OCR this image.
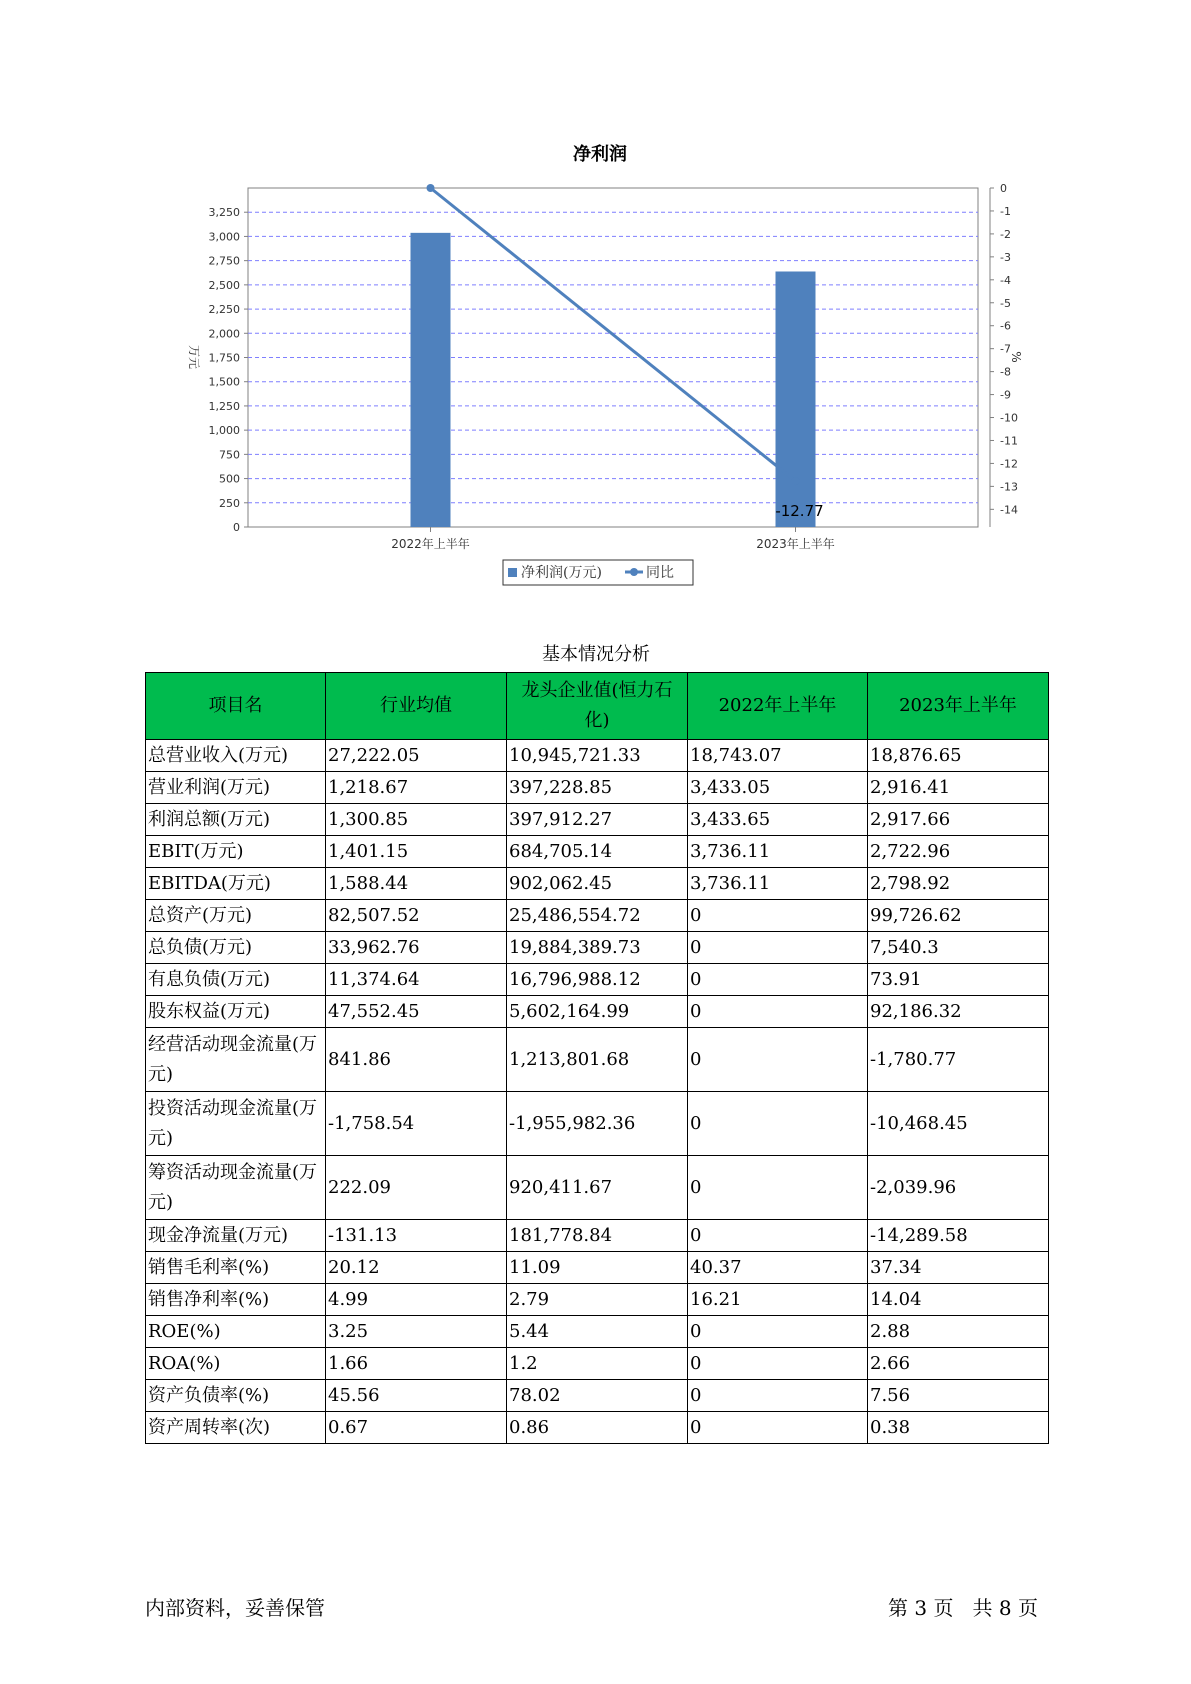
净利润
0
250
500
750
1,000
1,250
1,500
1,750
2,000
2,250
2,500
2,750
3,000
3,250
0
-1
-2
-3
-4
-5
-6
-7
-8
-9
-10
-11
-12
-13
-14
万元	%
2022年上半年	2023年上半年
-12.77
净利润(万元)	同比
基本情况分析
项目名	行业均值	龙头企业值(恒力石化)	2022年上半年	2023年上半年
总营业收入(万元)	27,222.05	10,945,721.33	18,743.07	18,876.65
营业利润(万元)	1,218.67	397,228.85	3,433.05	2,916.41
利润总额(万元)	1,300.85	397,912.27	3,433.65	2,917.66
EBIT(万元)	1,401.15	684,705.14	3,736.11	2,722.96
EBITDA(万元)	1,588.44	902,062.45	3,736.11	2,798.92
总资产(万元)	82,507.52	25,486,554.72	0	99,726.62
总负债(万元)	33,962.76	19,884,389.73	0	7,540.3
有息负债(万元)	11,374.64	16,796,988.12	0	73.91
股东权益(万元)	47,552.45	5,602,164.99	0	92,186.32
经营活动现金流量(万元)	841.86	1,213,801.68	0	-1,780.77
投资活动现金流量(万元)	-1,758.54	-1,955,982.36	0	-10,468.45
筹资活动现金流量(万元)	222.09	920,411.67	0	-2,039.96
现金净流量(万元)	-131.13	181,778.84	0	-14,289.58
销售毛利率(%)	20.12	11.09	40.37	37.34
销售净利率(%)	4.99	2.79	16.21	14.04
ROE(%)	3.25	5.44	0	2.88
ROA(%)	1.66	1.2	0	2.66
资产负债率(%)	45.56	78.02	0	7.56
资产周转率(次)	0.67	0.86	0	0.38
内部资料，妥善保管	第 3 页   共 8 页
